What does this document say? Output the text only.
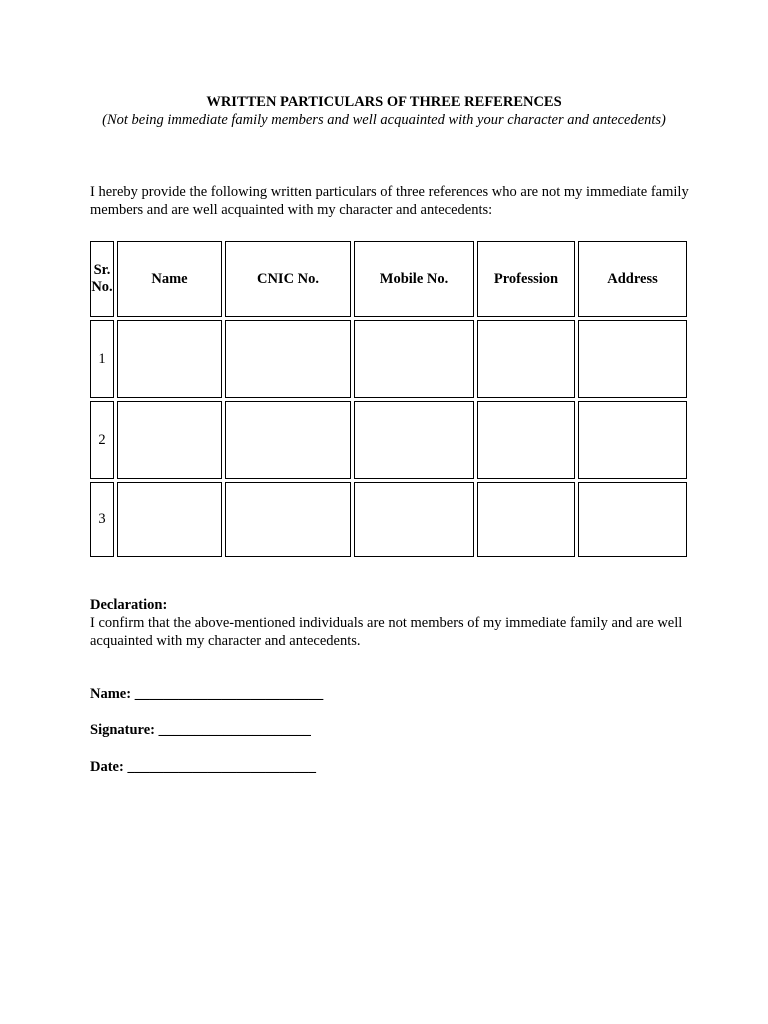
WRITTEN PARTICULARS OF THREE REFERENCES
(Not being immediate family members and well acquainted with your character and antecedents)
I hereby provide the following written particulars of three references who are not my immediate family members and are well acquainted with my character and antecedents:
Sr. No.	Name	CNIC No.	Mobile No.	Profession	Address
1					
2					
3					
Declaration:
I confirm that the above-mentioned individuals are not members of my immediate family and are well acquainted with my character and antecedents.
Name: __________________________
Signature: _____________________
Date: __________________________
